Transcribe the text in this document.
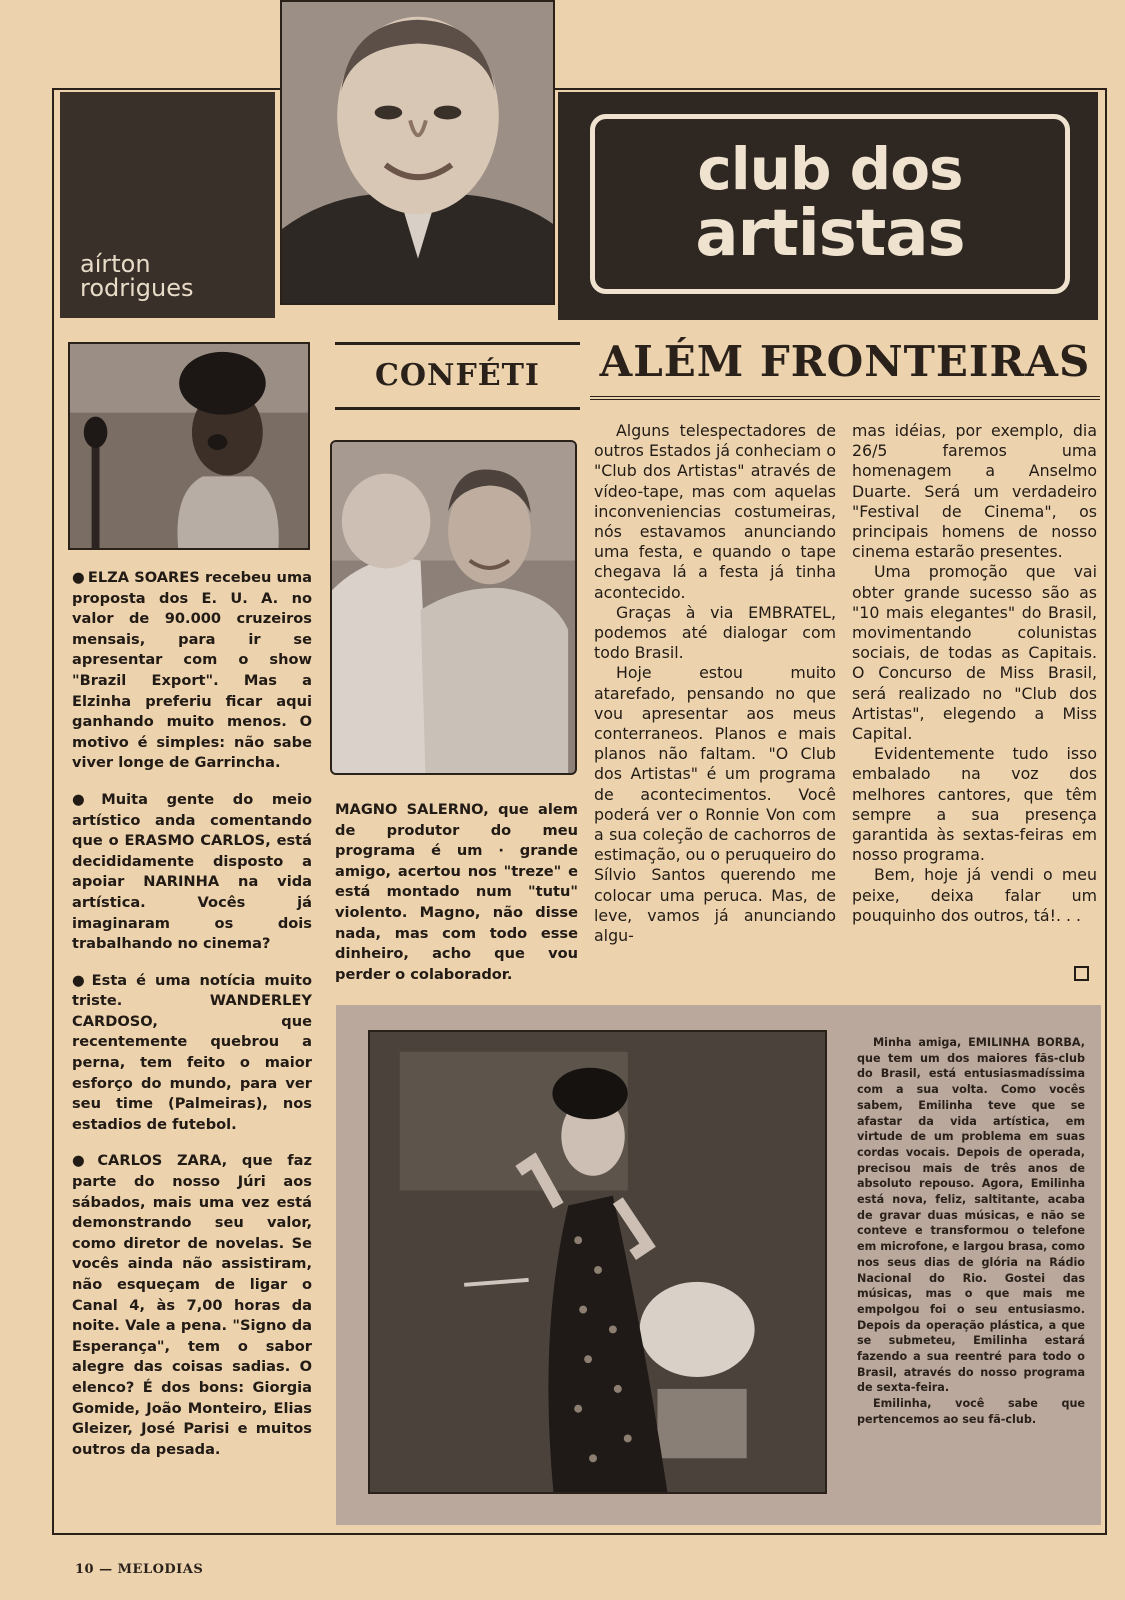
aírton
rodrigues
club dos
artistas

● ELZA SOARES recebeu uma proposta dos E. U. A. no valor de 90.000 cruzeiros mensais, para ir se apresentar com o show "Brazil Export". Mas a Elzinha preferiu ficar aqui ganhando muito menos. O motivo é simples: não sabe viver longe de Garrincha.

● Muita gente do meio artístico anda comentando que o ERASMO CARLOS, está decididamente disposto a apoiar NARINHA na vida artística. Vocês já imaginaram os dois trabalhando no cinema?

● Esta é uma notícia muito triste. WANDERLEY CARDOSO, que recentemente quebrou a perna, tem feito o maior esforço do mundo, para ver seu time (Palmeiras), nos estadios de futebol.

● CARLOS ZARA, que faz parte do nosso Júri aos sábados, mais uma vez está demonstrando seu valor, como diretor de novelas. Se vocês ainda não assistiram, não esqueçam de ligar o Canal 4, às 7,00 horas da noite. Vale a pena. "Signo da Esperança", tem o sabor alegre das coisas sadias. O elenco? É dos bons: Giorgia Gomide, João Monteiro, Elias Gleizer, José Parisi e muitos outros da pesada.

CONFÉTI

MAGNO SALERNO, que alem de produtor do meu programa é um · grande amigo, acertou nos "treze" e está montado num "tutu" violento. Magno, não disse nada, mas com todo esse dinheiro, acho que vou perder o colaborador.

ALÉM FRONTEIRAS

Alguns telespectadores de outros Estados já conheciam o "Club dos Artistas" através de vídeo-tape, mas com aquelas inconveniencias costumeiras, nós estavamos anunciando uma festa, e quando o tape chegava lá a festa já tinha acontecido.

Graças à via EMBRATEL, podemos até dialogar com todo Brasil.

Hoje estou muito atarefado, pensando no que vou apresentar aos meus conterraneos. Planos e mais planos não faltam. "O Club dos Artistas" é um programa de acontecimentos. Você poderá ver o Ronnie Von com a sua coleção de cachorros de estimação, ou o peruqueiro do Sílvio Santos querendo me colocar uma peruca. Mas, de leve, vamos já anunciando algu-

mas idéias, por exemplo, dia 26/5 faremos uma homenagem a Anselmo Duarte. Será um verdadeiro "Festival de Cinema", os principais homens de nosso cinema estarão presentes.

Uma promoção que vai obter grande sucesso são as "10 mais elegantes" do Brasil, movimentando colunistas sociais, de todas as Capitais. O Concurso de Miss Brasil, será realizado no "Club dos Artistas", elegendo a Miss Capital.

Evidentemente tudo isso embalado na voz dos melhores cantores, que têm sempre a sua presença garantida às sextas-feiras em nosso programa.

Bem, hoje já vendi o meu peixe, deixa falar um pouquinho dos outros, tá!. . .

Minha amiga, EMILINHA BORBA, que tem um dos maiores fãs-club do Brasil, está entusiasmadíssima com a sua volta. Como vocês sabem, Emilinha teve que se afastar da vida artística, em virtude de um problema em suas cordas vocais. Depois de operada, precisou mais de três anos de absoluto repouso. Agora, Emilinha está nova, feliz, saltitante, acaba de gravar duas músicas, e não se conteve e transformou o telefone em microfone, e largou brasa, como nos seus dias de glória na Rádio Nacional do Rio. Gostei das músicas, mas o que mais me empolgou foi o seu entusiasmo. Depois da operação plástica, a que se submeteu, Emilinha estará fazendo a sua reentré para todo o Brasil, através do nosso programa de sexta-feira.

Emilinha, você sabe que pertencemos ao seu fã-club.

10 — MELODIAS
